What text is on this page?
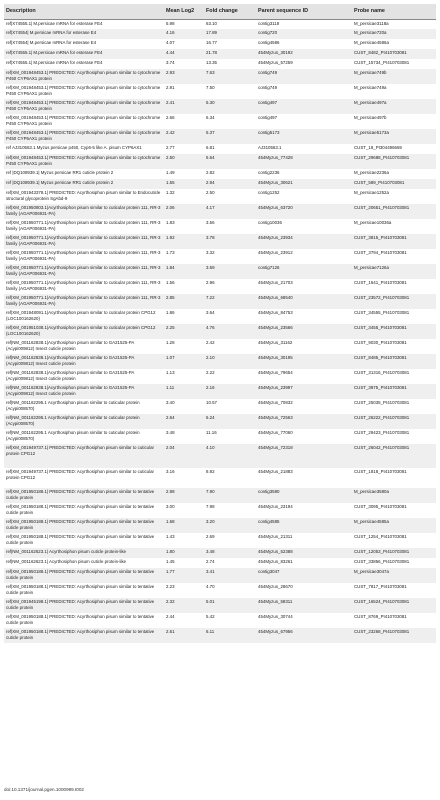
Description	Mean Log2	Fold change	Parent sequence ID	Probe name
ref|X74555.1| M.persicae mRNA for esterase FE4	5.98	63.10	contig3118	M_persicae3118a
ref|X74554| M.persicae mRNA for esterase E4	4.16	17.89	contig720	M_persicae720a
ref|X74554| M.persicae mRNA for esterase E4	4.07	16.77	contig4586	M_persicae4586a
ref|X74555.1| M.persicae mRNA for esterase FE4	4.44	21.78	454Myzus_30192	CUST_8482_PI410703081
ref|X74555.1| M.persicae mRNA for esterase FE4	3.74	13.35	454Myzus_57259	CUST_15734_PI410703081
ref|XM_001948453.1| PREDICTED: Acyrthosiphon pisum similar to cytochrome P450 CYP6AX1 protein	2.93	7.63	contig749	M_persicae749b
ref|XM_001948453.1| PREDICTED: Acyrthosiphon pisum similar to cytochrome P450 CYP6AX1 protein	2.91	7.50	contig749	M_persicae749a
ref|XM_001948453.1| PREDICTED: Acyrthosiphon pisum similar to cytochrome P450 CYP6AX1 protein	2.41	5.30	contig497	M_persicae497a
ref|XM_001948453.1| PREDICTED: Acyrthosiphon pisum similar to cytochrome P450 CYP6AX1 protein	2.66	6.34	contig497	M_persicae497b
ref|XM_001948453.1| PREDICTED: Acyrthosiphon pisum similar to cytochrome P450 CYP6AX1 protein	2.42	5.37	contig5173	M_persicae5173a
ref AJ310563.1 Myzus persicae p450, Cyp6-5 like A. pisum CYP6AX1	2.77	6.81	AJ310563.1	CUST_18_PI304496669
ref|XM_001948453.1| PREDICTED: Acyrthosiphon pisum similar to cytochrome P450 CYP6AX1 protein	2.50	5.64	454Myzus_77428	CUST_29688_PI410703081
ref |DQ108939.1| Myzus persicae RR1 cuticle protein 2	1.49	2.82	contig2236	M_persicae2236a
ref |DQ108939.1| Myzus persicae RR1 cuticle protein 2	1.55	2.94	454Myzus_30621	CUST_589_PI410703081
ref|XM_001943378.1| PREDICTED: Acyrthosiphon pisum similar to Endocuticle structural glycoprotein SgAbd-9	1.32	2.50	contig1252	M_persicae1252a
ref|XM_001950803.1|Acyrthosiphon pisum similar to cuticular protein 111, RR-3 family (AGAP006931-PA)	2.06	4.17	454Myzus_63720	CUST_20651_PI410703081
ref|XM_001950771.1|Acyrthosiphon pisum similar to cuticular protein 111, RR-3 family (AGAP006931-PA)	1.83	3.56	contig10036	M_persicae10036a
ref|XM_001950771.1|Acyrthosiphon pisum similar to cuticular protein 111, RR-3 family (AGAP006931-PA)	1.92	3.78	454Myzus_23934	CUST_3815_PI410703081
ref|XM_001950771.1|Acyrthosiphon pisum similar to cuticular protein 111, RR-3 family (AGAP006931-PA)	1.73	3.32	454Myzus_23912	CUST_3794_PI410703081
ref|XM_001950771.1|Acyrthosiphon pisum similar to cuticular protein 111, RR-3 family (AGAP006931-PA)	1.84	3.59	contig7126	M_persicae7126a
ref|XM_001950771.1|Acyrthosiphon pisum similar to cuticular protein 111, RR-3 family (AGAP006931-PA)	1.56	2.96	454Myzus_21703	CUST_1641_PI410703081
ref|XM_001950771.1|Acyrthosiphon pisum similar to cuticular protein 111, RR-3 family (AGAP006931-PA)	2.85	7.22	454Myzus_68540	CUST_23572_PI410703081
ref|XM_001948091.1|Acyrthosiphon pisum similar to cuticular protein CPG12 (LOC100162620)	1.86	3.64	454Myzus_84753	CUST_34555_PI410703081
ref|XM_001951038.1|Acyrthosiphon pisum similar to cuticular protein CPG12 (LOC100162620)	2.25	4.76	454Myzus_23566	CUST_3455_PI410703081
ref|NM_001162838.1|Acyrthosiphon pisum similar to GA21525-PA (Acypi009812) Insect cuticle protein	1.28	2.42	454Myzus_31162	CUST_9030_PI410703081
ref|NM_001162838.1|Acyrthosiphon pisum similar to GA21525-PA (Acypi009812) Insect cuticle protein	1.07	2.10	454Myzus_30195	CUST_8485_PI410703081
ref|NM_001162838.1|Acyrthosiphon pisum similar to GA21525-PA (Acypi009812) Insect cuticle protein	1.13	2.22	454Myzus_79654	CUST_31316_PI410703081
ref|NM_001162838.1|Acyrthosiphon pisum similar to GA21525-PA (Acypi009812) Insect cuticle protein	1.11	2.16	454Myzus_23997	CUST_3875_PI410703081
ref|NM_001162295.1 Acyrthosiphon pisum similar to cuticular protein (Acypi008570)	3.40	10.57	454Myzus_70832	CUST_25035_PI410703081
ref|NM_001162295.1 Acyrthosiphon pisum similar to cuticular protein (Acypi008570)	2.64	6.24	454Myzus_72563	CUST_26222_PI410703081
ref|NM_001162295.1 Acyrthosiphon pisum similar to cuticular protein (Acypi008570)	3.48	11.16	454Myzus_77060	CUST_29423_PI410703081
ref|XM_001949737.1| PREDICTED: Acyrthosiphon pisum similar to cuticular protein CPG12	2.04	4.10	454Myzus_72318	CUST_26042_PI410703081
ref|XM_001949737.1| PREDICTED: Acyrthosiphon pisum similar to cuticular protein CPG12	3.16	8.92	454Myzus_21883	CUST_1818_PI410703081
ref|XM_001950188.1| PREDICTED: Acyrthosiphon pisum similar to tentative cuticle protein	2.98	7.90	contig3580	M_persicae3580a
ref|XM_001950188.1| PREDICTED: Acyrthosiphon pisum similar to tentative cuticle protein	3.00	7.98	454Myzus_23194	CUST_3095_PI410703081
ref|XM_001950188.1| PREDICTED: Acyrthosiphon pisum similar to tentative cuticle protein	1.68	3.20	contig4585	M_persicae4585a
ref|XM_001950188.1| PREDICTED: Acyrthosiphon pisum similar to tentative cuticle protein	1.43	2.69	454Myzus_21311	CUST_1254_PI410703081
ref|NM_001162623.1| Acyrthosiphon pisum cuticle protein-like	1.80	3.48	454Myzus_52388	CUST_12053_PI410703081
ref|NM_001162623.1| Acyrthosiphon pisum cuticle protein-like	1.45	2.74	454Myzus_83261	CUST_33856_PI410703081
ref|XM_001950188.1| PREDICTED: Acyrthosiphon pisum similar to tentative cuticle protein	1.77	3.41	contig3047	M_persicae3047a
ref|XM_001950188.1| PREDICTED: Acyrthosiphon pisum similar to tentative cuticle protein	2.23	4.70	454Myzus_28670	CUST_7817_PI410703081
ref|XM_001945198.1| PREDICTED: Acyrthosiphon pisum similar to tentative cuticle protein	2.32	5.01	454Myzus_58311	CUST_16524_PI410703081
ref|XM_001950188.1| PREDICTED: Acyrthosiphon pisum similar to tentative cuticle protein	2.44	5.42	454Myzus_30744	CUST_8769_PI410703081
ref|XM_001950188.1| PREDICTED: Acyrthosiphon pisum similar to tentative cuticle protein	2.61	6.11	454Myzus_67956	CUST_23268_PI410703081
doi:10.1371/journal.pgen.1000999.t002
